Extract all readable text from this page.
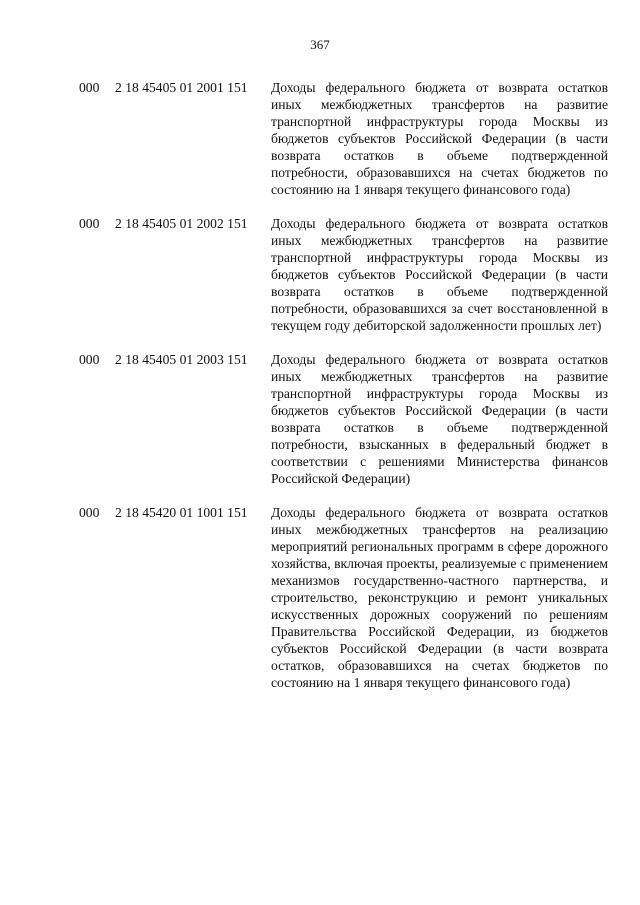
367
000 2 18 45405 01 2001 151 Доходы федерального бюджета от возврата остатков иных межбюджетных трансфертов на развитие транспортной инфраструктуры города Москвы из бюджетов субъектов Российской Федерации (в части возврата остатков в объеме подтвержденной потребности, образовавшихся на счетах бюджетов по состоянию на 1 января текущего финансового года)
000 2 18 45405 01 2002 151 Доходы федерального бюджета от возврата остатков иных межбюджетных трансфертов на развитие транспортной инфраструктуры города Москвы из бюджетов субъектов Российской Федерации (в части возврата остатков в объеме подтвержденной потребности, образовавшихся за счет восстановленной в текущем году дебиторской задолженности прошлых лет)
000 2 18 45405 01 2003 151 Доходы федерального бюджета от возврата остатков иных межбюджетных трансфертов на развитие транспортной инфраструктуры города Москвы из бюджетов субъектов Российской Федерации (в части возврата остатков в объеме подтвержденной потребности, взысканных в федеральный бюджет в соответствии с решениями Министерства финансов Российской Федерации)
000 2 18 45420 01 1001 151 Доходы федерального бюджета от возврата остатков иных межбюджетных трансфертов на реализацию мероприятий региональных программ в сфере дорожного хозяйства, включая проекты, реализуемые с применением механизмов государственно-частного партнерства, и строительство, реконструкцию и ремонт уникальных искусственных дорожных сооружений по решениям Правительства Российской Федерации, из бюджетов субъектов Российской Федерации (в части возврата остатков, образовавшихся на счетах бюджетов по состоянию на 1 января текущего финансового года)
